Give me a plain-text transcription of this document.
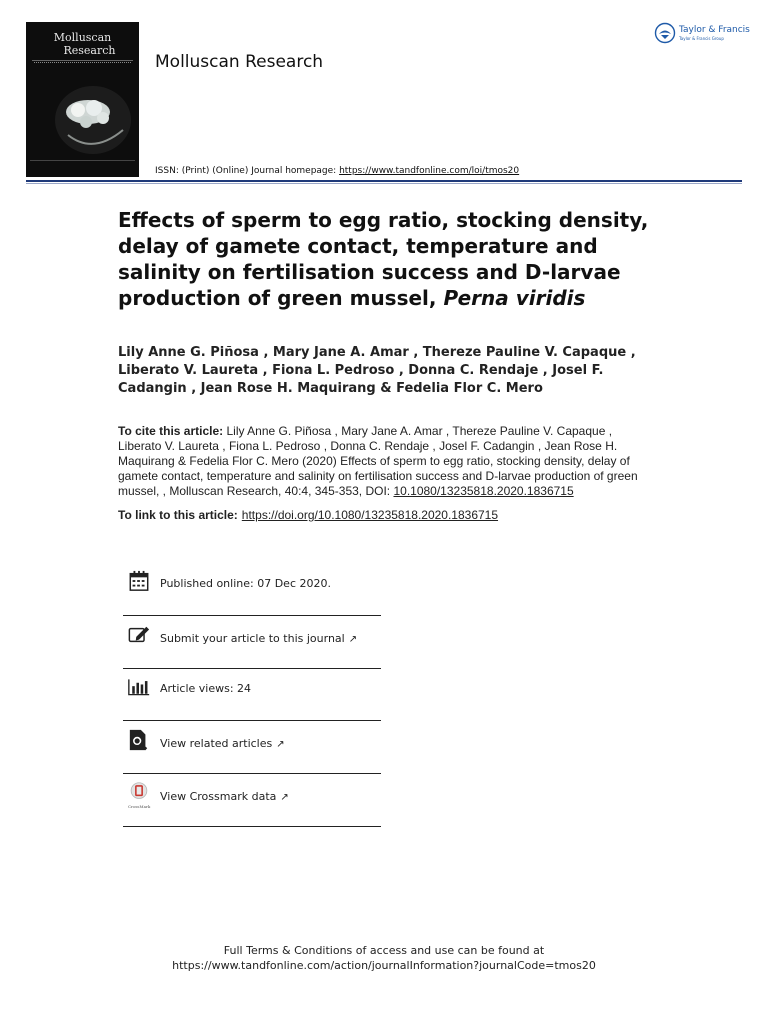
Molluscan
Research
Molluscan Research
ISSN: (Print) (Online) Journal homepage: https://www.tandfonline.com/loi/tmos20
Taylor & Francis
Taylor & Francis Group
Effects of sperm to egg ratio, stocking density, delay of gamete contact, temperature and salinity on fertilisation success and D-larvae production of green mussel, Perna viridis
Lily Anne G. Piñosa , Mary Jane A. Amar , Thereze Pauline V. Capaque , Liberato V. Laureta , Fiona L. Pedroso , Donna C. Rendaje , Josel F. Cadangin , Jean Rose H. Maquirang & Fedelia Flor C. Mero
To cite this article: Lily Anne G. Piñosa , Mary Jane A. Amar , Thereze Pauline V. Capaque , Liberato V. Laureta , Fiona L. Pedroso , Donna C. Rendaje , Josel F. Cadangin , Jean Rose H. Maquirang & Fedelia Flor C. Mero (2020) Effects of sperm to egg ratio, stocking density, delay of gamete contact, temperature and salinity on fertilisation success and D-larvae production of green mussel, , Molluscan Research, 40:4, 345-353, DOI: 10.1080/13235818.2020.1836715
To link to this article: https://doi.org/10.1080/13235818.2020.1836715
Published online: 07 Dec 2020.
Submit your article to this journal ↗
Article views: 24
View related articles ↗
CrossMark
View Crossmark data ↗
Full Terms & Conditions of access and use can be found at
https://www.tandfonline.com/action/journalInformation?journalCode=tmos20
